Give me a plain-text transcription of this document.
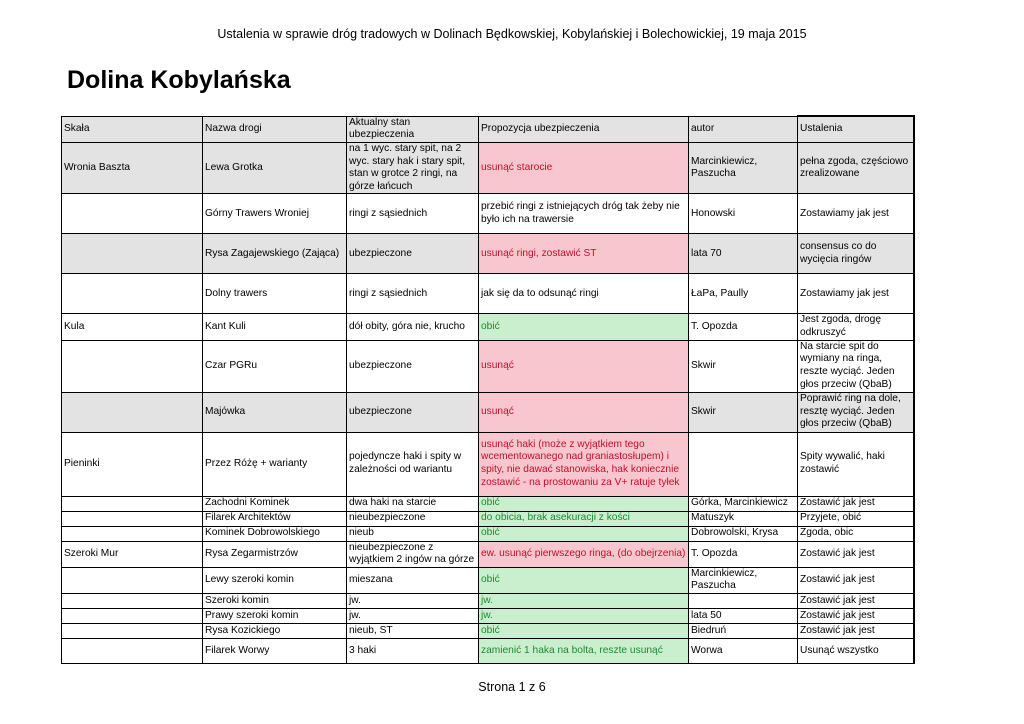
Ustalenia w sprawie dróg tradowych w Dolinach Będkowskiej, Kobylańskiej i Bolechowickiej, 19 maja 2015
Dolina Kobylańska
Skała	Nazwa drogi	Aktualny stan ubezpieczenia	Propozycja ubezpieczenia	autor	Ustalenia
Wronia Baszta	Lewa Grotka	na 1 wyc. stary spit, na 2 wyc. stary hak i stary spit, stan w grotce 2 ringi, na górze łańcuch	usunąć starocie	Marcinkiewicz, Paszucha	pełna zgoda, częściowo zrealizowane
	Górny Trawers Wroniej	ringi z sąsiednich	przebić ringi z istniejących dróg tak żeby nie było ich na trawersie	Honowski	Zostawiamy jak jest
	Rysa Zagajewskiego (Zająca)	ubezpieczone	usunąć ringi, zostawić ST	lata 70	consensus co do wycięcia ringów
	Dolny trawers	ringi z sąsiednich	jak się da to odsunąć ringi	ŁaPa, Paully	Zostawiamy jak jest
Kula	Kant Kuli	dół obity, góra nie, krucho	obić	T. Opozda	Jest zgoda, drogę odkruszyć
	Czar PGRu	ubezpieczone	usunąć	Skwir	Na starcie spit do wymiany na ringa, reszte wyciąć. Jeden głos przeciw (QbaB)
	Majówka	ubezpieczone	usunąć	Skwir	Poprawić ring na dole, resztę wyciąć. Jeden głos przeciw (QbaB)
Pieninki	Przez Różę + warianty	pojedyncze haki i spity w zależności od wariantu	usunąć haki (może z wyjątkiem tego wcementowanego nad graniastosłupem) i spity, nie dawać stanowiska, hak koniecznie zostawić - na prostowaniu za V+ ratuje tyłek		Spity wywalić, haki zostawić
	Zachodni Kominek	dwa haki na starcie	obić	Górka, Marcinkiewicz	Zostawić jak jest
	Filarek Architektów	nieubezpieczone	do obicia, brak asekuracji z kości	Matuszyk	Przyjete, obić
	Kominek Dobrowolskiego	nieub	obić	Dobrowolski, Krysa	Zgoda, obic
Szeroki Mur	Rysa Zegarmistrzów	nieubezpieczone z wyjątkiem 2 ingów na górze	ew. usunąć pierwszego ringa, (do obejrzenia)	T. Opozda	Zostawić jak jest
	Lewy szeroki komin	mieszana	obić	Marcinkiewicz, Paszucha	Zostawić jak jest
	Szeroki komin	jw.	jw.		Zostawić jak jest
	Prawy szeroki komin	jw.	jw.	lata 50	Zostawić jak jest
	Rysa Kozickiego	nieub, ST	obić	Biedruń	Zostawić jak jest
	Filarek Worwy	3 haki	zamienić 1 haka na bolta, reszte usunąć	Worwa	Usunąć wszystko
Strona 1 z 6
